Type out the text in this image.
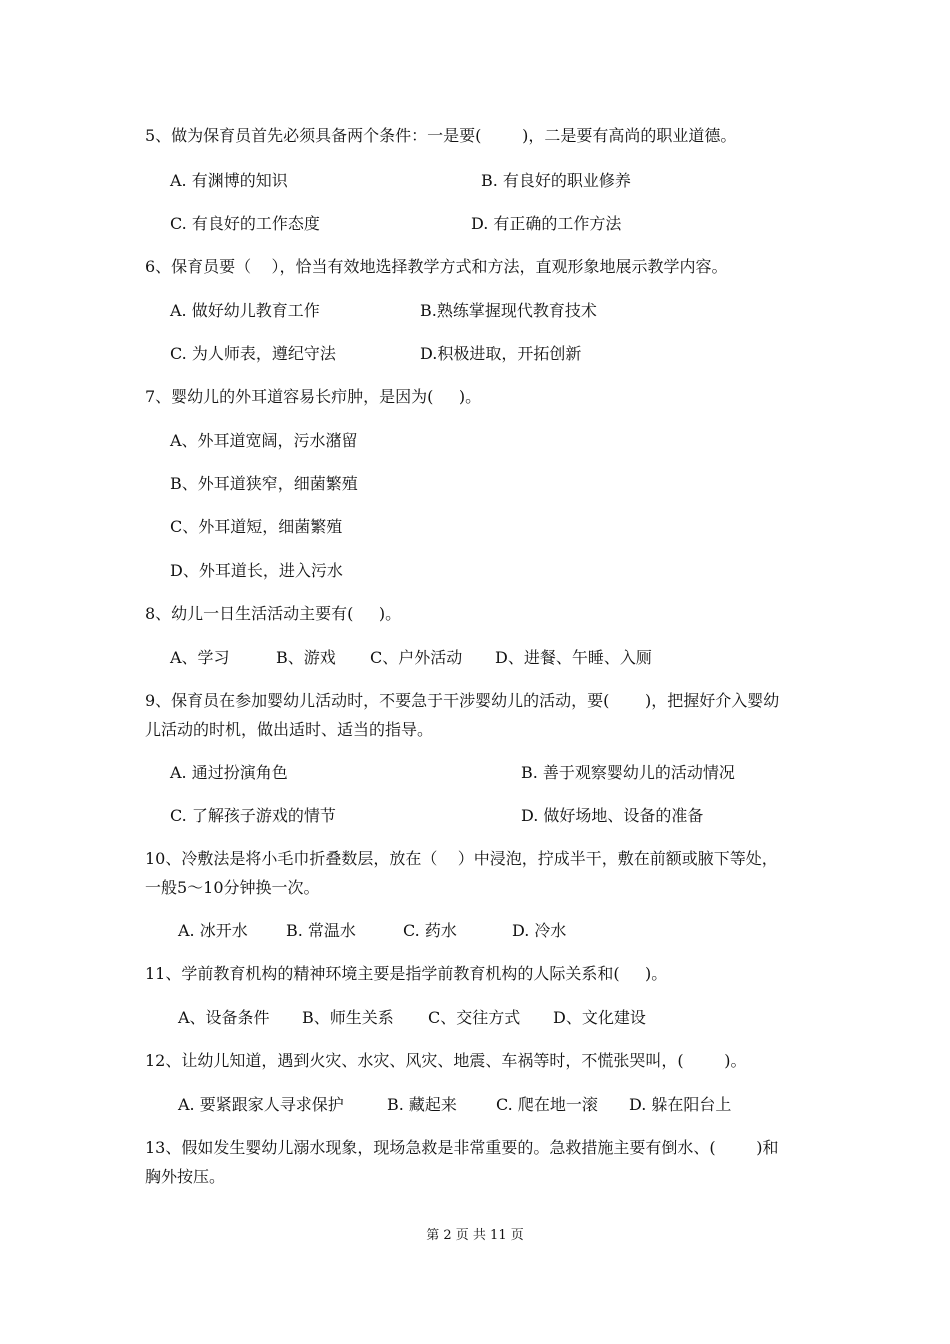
5、做为保育员首先必须具备两个条件：一是要(        )，二是要有高尚的职业道德。
A. 有渊博的知识	B. 有良好的职业修养
C. 有良好的工作态度	D. 有正确的工作方法
6、保育员要（    ），恰当有效地选择教学方式和方法，直观形象地展示教学内容。
A. 做好幼儿教育工作	B.熟练掌握现代教育技术
C. 为人师表，遵纪守法	D.积极进取，开拓创新
7、婴幼儿的外耳道容易长疖肿，是因为(     )。
A、外耳道宽阔，污水潴留
B、外耳道狭窄，细菌繁殖
C、外耳道短，细菌繁殖
D、外耳道长，进入污水
8、幼儿一日生活活动主要有(     )。
A、学习	B、游戏 C、户外活动 D、进餐、午睡、入厕
9、保育员在参加婴幼儿活动时，不要急于干涉婴幼儿的活动，要(       )，把握好介入婴幼
儿活动的时机，做出适时、适当的指导。
A. 通过扮演角色	B. 善于观察婴幼儿的活动情况
C. 了解孩子游戏的情节	D. 做好场地、设备的准备
10、冷敷法是将小毛巾折叠数层，放在（    ）中浸泡，拧成半干，敷在前额或腋下等处，
一般5～10分钟换一次。
A. 冰开水 B. 常温水	C. 药水	D. 冷水
11、学前教育机构的精神环境主要是指学前教育机构的人际关系和(     )。
A、设备条件 B、师生关系 C、交往方式 D、文化建设
12、让幼儿知道，遇到火灾、水灾、风灾、地震、车祸等时，不慌张哭叫，(        )。
A. 要紧跟家人寻求保护	B. 藏起来 C. 爬在地一滚 D. 躲在阳台上
13、假如发生婴幼儿溺水现象，现场急救是非常重要的。急救措施主要有倒水、(        )和
胸外按压。
第 2 页 共 11 页
